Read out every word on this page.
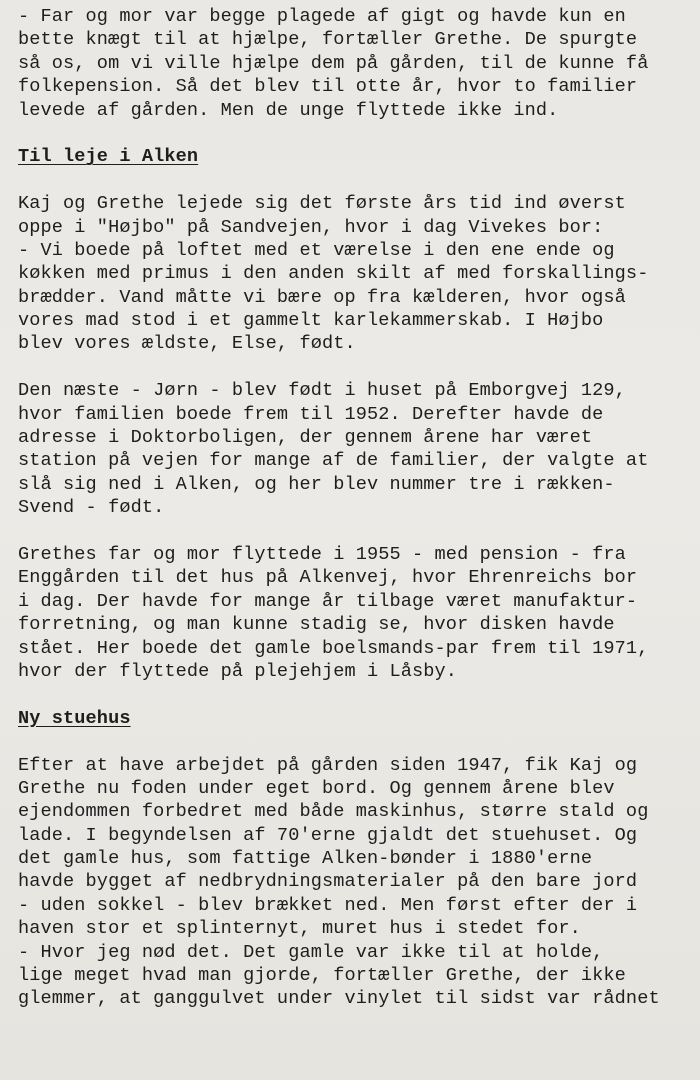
- Far og mor var begge plagede af gigt og havde kun en
bette knægt til at hjælpe, fortæller Grethe. De spurgte
så os, om vi ville hjælpe dem på gården, til de kunne få
folkepension. Så det blev til otte år, hvor to familier
levede af gården. Men de unge flyttede ikke ind.
Til leje i Alken
Kaj og Grethe lejede sig det første års tid ind øverst
oppe i "Højbo" på Sandvejen, hvor i dag Vivekes bor:
- Vi boede på loftet med et værelse i den ene ende og
køkken med primus i den anden skilt af med forskallings-
brædder. Vand måtte vi bære op fra kælderen, hvor også
vores mad stod i et gammelt karlekammerskab. I Højbo
blev vores ældste, Else, født.
Den næste - Jørn - blev født i huset på Emborgvej 129,
hvor familien boede frem til 1952. Derefter havde de
adresse i Doktorboligen, der gennem årene har været
station på vejen for mange af de familier, der valgte at
slå sig ned i Alken, og her blev nummer tre i rækken-
Svend - født.
Grethes far og mor flyttede i 1955 - med pension - fra
Enggården til det hus på Alkenvej, hvor Ehrenreichs bor
i dag. Der havde for mange år tilbage været manufaktur-
forretning, og man kunne stadig se, hvor disken havde
stået. Her boede det gamle boelsmands-par frem til 1971,
hvor der flyttede på plejehjem i Låsby.
Ny stuehus
Efter at have arbejdet på gården siden 1947, fik Kaj og
Grethe nu foden under eget bord. Og gennem årene blev
ejendommen forbedret med både maskinhus, større stald og
lade. I begyndelsen af 70'erne gjaldt det stuehuset. Og
det gamle hus, som fattige Alken-bønder i 1880'erne
havde bygget af nedbrydningsmaterialer på den bare jord
- uden sokkel - blev brækket ned. Men først efter der i
haven stor et splinternyt, muret hus i stedet for.
- Hvor jeg nød det. Det gamle var ikke til at holde,
lige meget hvad man gjorde, fortæller Grethe, der ikke
glemmer, at ganggulvet under vinylet til sidst var rådnet
